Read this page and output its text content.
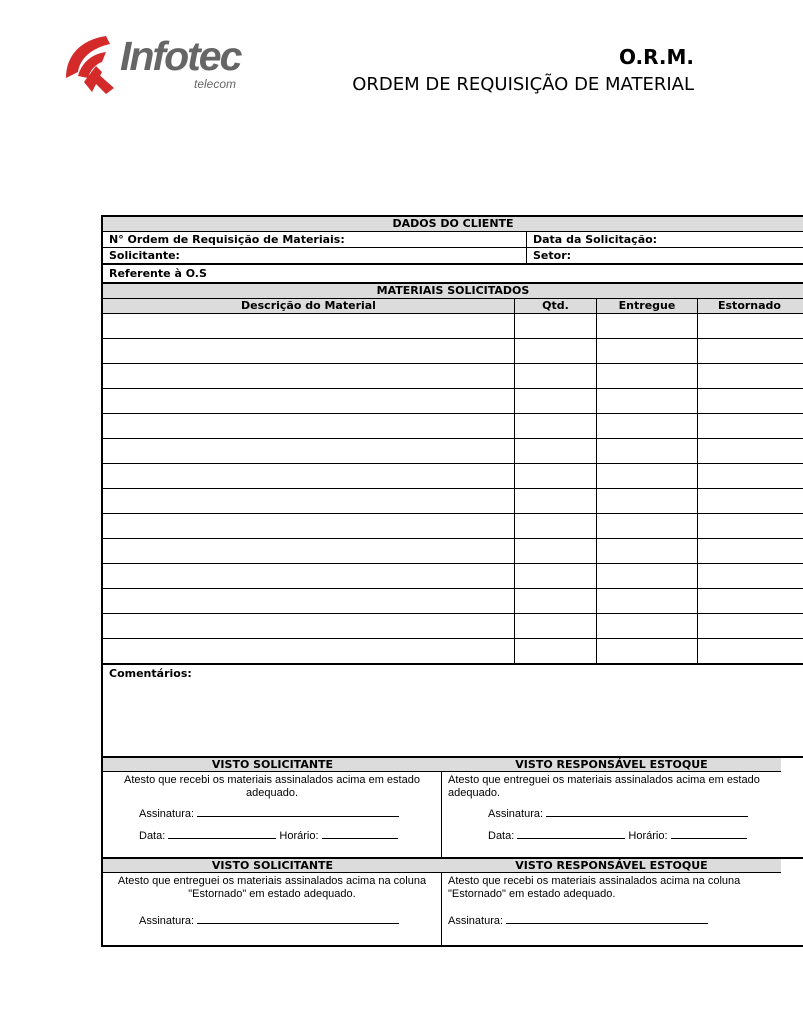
Infotec
telecom
O.R.M.
ORDEM DE REQUISIÇÃO DE MATERIAL
DADOS DO CLIENTE
N° Ordem de Requisição de Materiais:	Data da Solicitação:
Solicitante:	Setor:
Referente à O.S
MATERIAIS SOLICITADOS
Descrição do Material	Qtd.	Entregue	Estornado
Comentários:
VISTO SOLICITANTE
Atesto que recebi os materiais assinalados acima em estado adequado.
Assinatura:
Data:	Horário:
VISTO RESPONSÁVEL ESTOQUE
Atesto que entreguei os materiais assinalados acima em estado adequado.
Assinatura:
Data:	Horário:
VISTO SOLICITANTE
Atesto que entreguei os materiais assinalados acima na coluna "Estornado" em estado adequado.
Assinatura:
VISTO RESPONSÁVEL ESTOQUE
Atesto que recebi os materiais assinalados acima na coluna "Estornado" em estado adequado.
Assinatura:
